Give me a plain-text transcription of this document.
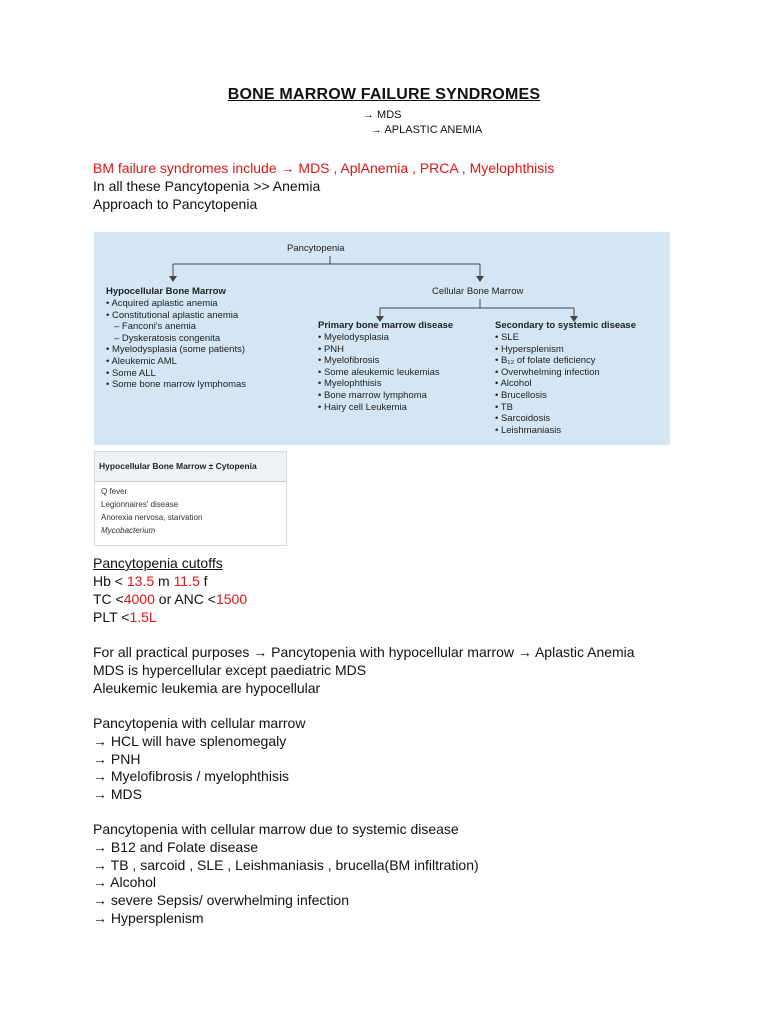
BONE MARROW FAILURE SYNDROMES
→ MDS
→ APLASTIC ANEMIA
BM failure syndromes include → MDS , AplAnemia , PRCA , Myelophthisis
In all these Pancytopenia >> Anemia
Approach to Pancytopenia
Pancytopenia
Hypocellular Bone Marrow
• Acquired aplastic anemia
• Constitutional aplastic anemia
– Fanconi's anemia
– Dyskeratosis congenita
• Myelodysplasia (some patients)
• Aleukemic AML
• Some ALL
• Some bone marrow lymphomas
Cellular Bone Marrow
Primary bone marrow disease
• Myelodysplasia
• PNH
• Myelofibrosis
• Some aleukemic leukemias
• Myelophthisis
• Bone marrow lymphoma
• Hairy cell Leukemia
Secondary to systemic disease
• SLE
• Hypersplenism
• B₁₂ of folate deficiency
• Overwhelming infection
• Alcohol
• Brucellosis
• TB
• Sarcoidosis
• Leishmaniasis
Hypocellular Bone Marrow ± Cytopenia
Q fever
Legionnaires' disease
Anorexia nervosa, starvation
Mycobacterium
Pancytopenia cutoffs
Hb < 13.5 m 11.5 f
TC <4000 or ANC <1500
PLT <1.5L
For all practical purposes → Pancytopenia with hypocellular marrow → Aplastic Anemia
MDS is hypercellular except paediatric MDS
Aleukemic leukemia are hypocellular
Pancytopenia with cellular marrow
→ HCL will have splenomegaly
→ PNH
→ Myelofibrosis / myelophthisis
→ MDS
Pancytopenia with cellular marrow due to systemic disease
→ B12 and Folate disease
→ TB , sarcoid , SLE , Leishmaniasis , brucella(BM infiltration)
→ Alcohol
→ severe Sepsis/ overwhelming infection
→ Hypersplenism
